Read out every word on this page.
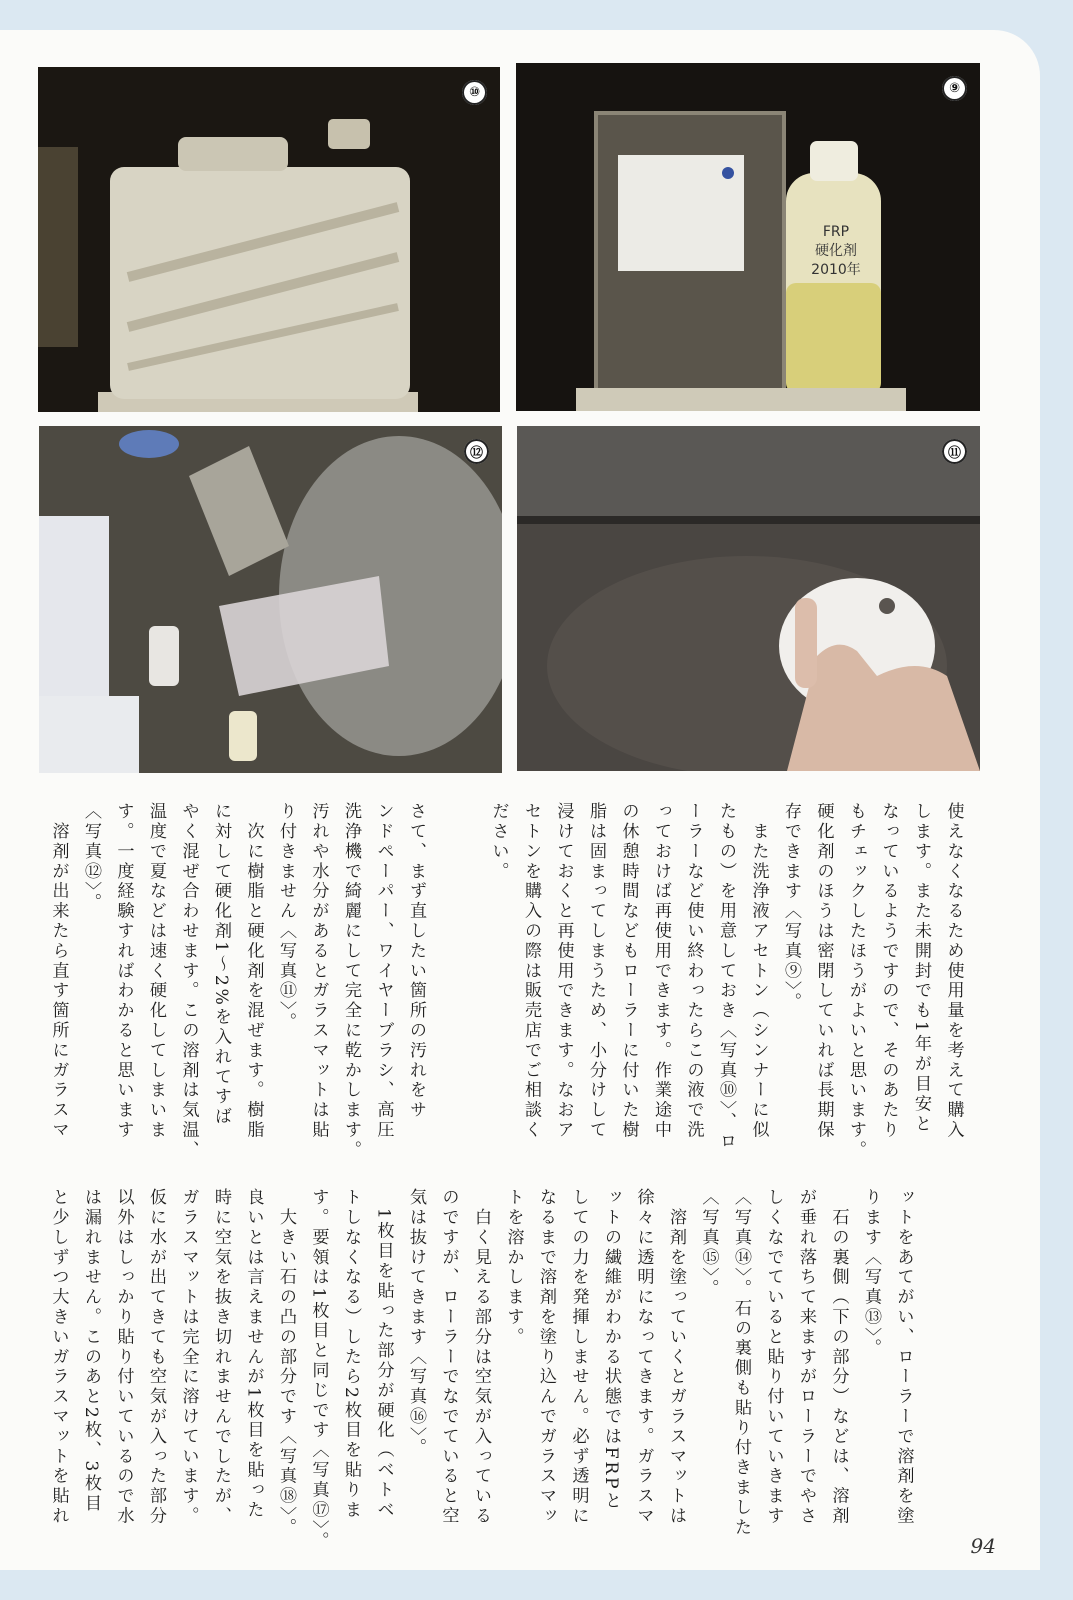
⑩
FRP
硬化剤
2010年
⑨
⑫	⑪
使えなくなるため使用量を考えて購入
します。また未開封でも1年が目安と
なっているようですので、そのあたり
もチェックしたほうがよいと思います。
硬化剤のほうは密閉していれば長期保
存できます〈写真⑨〉。
　また洗浄液アセトン（シンナーに似
たもの）を用意しておき〈写真⑩〉、ロ
ーラーなど使い終わったらこの液で洗
っておけば再使用できます。作業途中
の休憩時間などもローラーに付いた樹
脂は固まってしまうため、小分けして
浸けておくと再使用できます。なおア
セトンを購入の際は販売店でご相談く
ださい。
さて、まず直したい箇所の汚れをサ
ンドペーパー、ワイヤーブラシ、高圧
洗浄機で綺麗にして完全に乾かします。
汚れや水分があるとガラスマットは貼
り付きません〈写真⑪〉。
　次に樹脂と硬化剤を混ぜます。樹脂
に対して硬化剤1～2%を入れてすば
やく混ぜ合わせます。この溶剤は気温、
温度で夏などは速く硬化してしまいま
す。一度経験すればわかると思います
〈写真⑫〉。
　溶剤が出来たら直す箇所にガラスマ
ットをあてがい、ローラーで溶剤を塗
ります〈写真⑬〉。
　石の裏側（下の部分）などは、溶剤
が垂れ落ちて来ますがローラーでやさ
しくなでていると貼り付いていきます
〈写真⑭〉。石の裏側も貼り付きました
〈写真⑮〉。
　溶剤を塗っていくとガラスマットは
徐々に透明になってきます。ガラスマ
ットの繊維がわかる状態ではFRPと
しての力を発揮しません。必ず透明に
なるまで溶剤を塗り込んでガラスマッ
トを溶かします。
　白く見える部分は空気が入っている
のですが、ローラーでなでていると空
気は抜けてきます〈写真⑯〉。
　1枚目を貼った部分が硬化（ベトベ
トしなくなる）したら2枚目を貼りま
す。要領は1枚目と同じです〈写真⑰〉。
　大きい石の凸の部分です〈写真⑱〉。
良いとは言えませんが1枚目を貼った
時に空気を抜き切れませんでしたが、
ガラスマットは完全に溶けています。
仮に水が出てきても空気が入った部分
以外はしっかり貼り付いているので水
は漏れません。このあと2枚、3枚目
と少しずつ大きいガラスマットを貼れ
94
